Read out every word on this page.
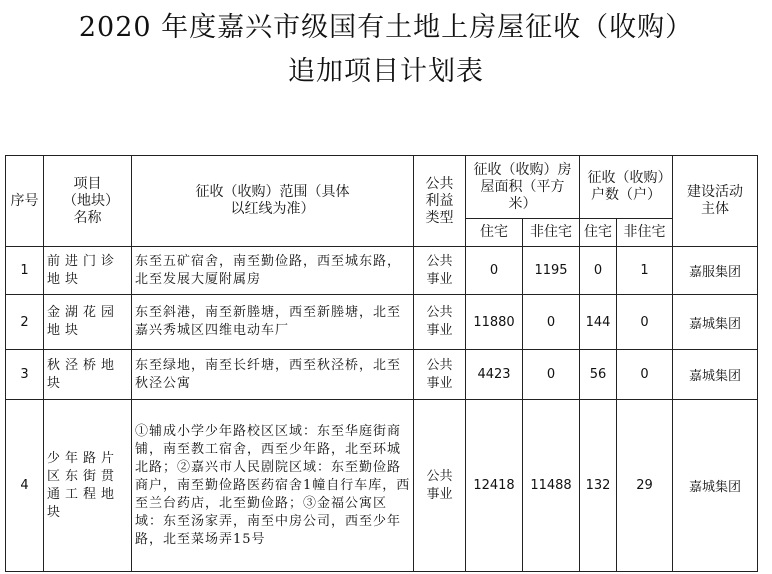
2020 年度嘉兴市级国有土地上房屋征收（收购）
追加项目计划表
序号	项目（地块）名称	征收（收购）范围（具体以红线为准）	公共利益类型	征收（收购）房屋面积（平方米）		征收（收购）户数（户）		建设活动主体
				住宅	非住宅	住宅	非住宅	
1	前进门诊地块	东至五矿宿舍，南至勤俭路，西至城东路，北至发展大厦附属房	公共事业	0	1195	0	1	嘉服集团
2	金湖花园地块	东至斜港，南至新塍塘，西至新塍塘，北至嘉兴秀城区四维电动车厂	公共事业	11880	0	144	0	嘉城集团
3	秋泾桥地块	东至绿地，南至长纤塘，西至秋泾桥，北至秋泾公寓	公共事业	4423	0	56	0	嘉城集团
4	少年路片区东街贯通工程地块	①辅成小学少年路校区区域：东至华庭街商铺，南至教工宿舍，西至少年路，北至环城北路；②嘉兴市人民剧院区域：东至勤俭路商户，南至勤俭路医药宿舍1幢自行车库，西至兰台药店，北至勤俭路；③金福公寓区域：东至汤家弄，南至中房公司，西至少年路，北至菜场弄15号	公共事业	12418	11488	132	29	嘉城集团
